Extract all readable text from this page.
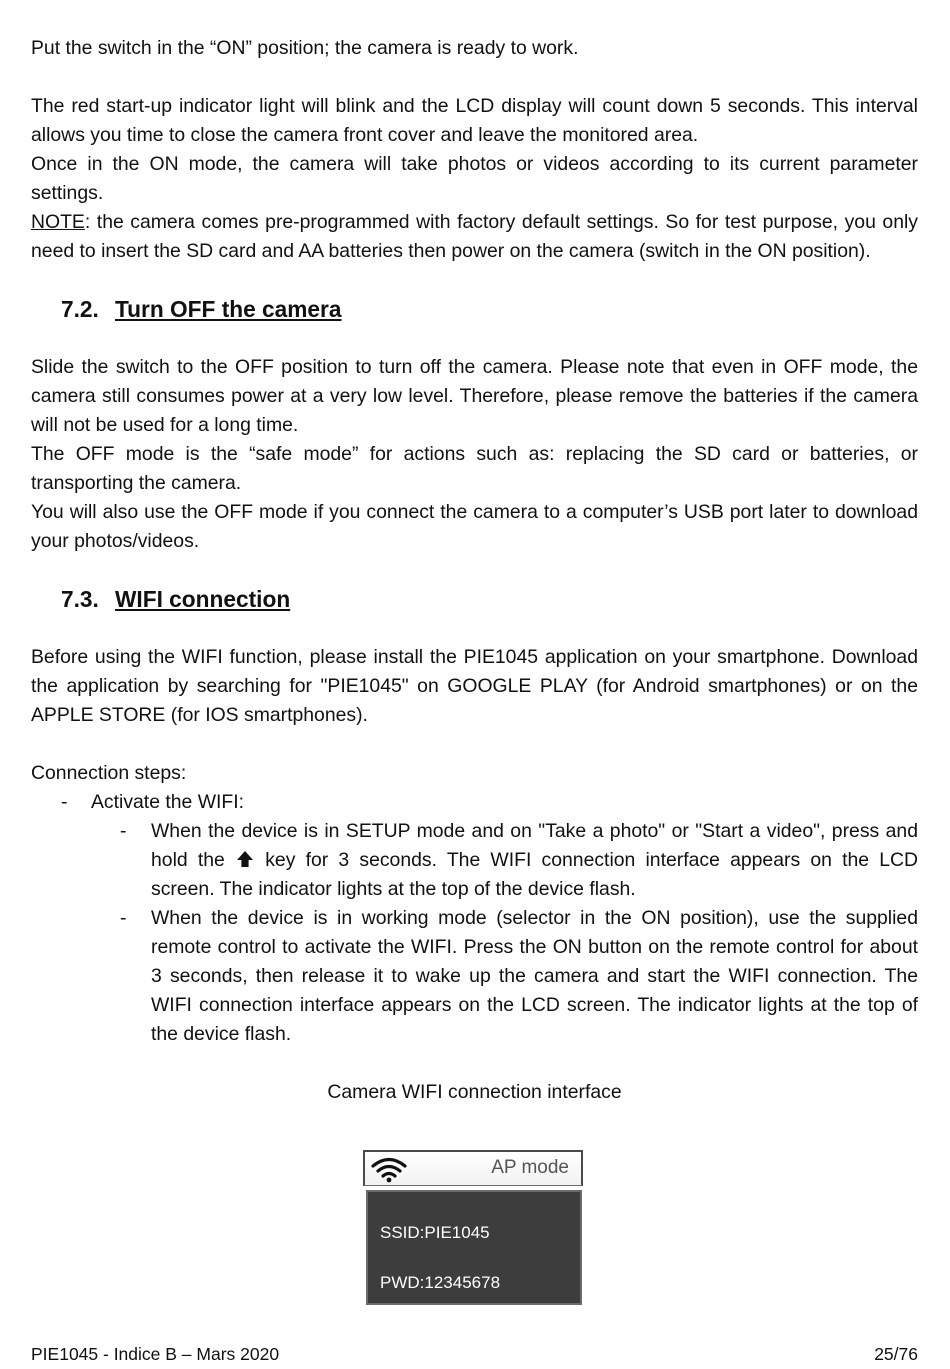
Put the switch in the “ON” position; the camera is ready to work.

The red start-up indicator light will blink and the LCD display will count down 5 seconds. This interval allows you time to close the camera front cover and leave the monitored area.

Once in the ON mode, the camera will take photos or videos according to its current parameter settings.

NOTE: the camera comes pre-programmed with factory default settings. So for test purpose, you only need to insert the SD card and AA batteries then power on the camera (switch in the ON position).

7.2. Turn OFF the camera

Slide the switch to the OFF position to turn off the camera. Please note that even in OFF mode, the camera still consumes power at a very low level. Therefore, please remove the batteries if the camera will not be used for a long time.

The OFF mode is the “safe mode” for actions such as: replacing the SD card or batteries, or transporting the camera.

You will also use the OFF mode if you connect the camera to a computer’s USB port later to download your photos/videos.

7.3. WIFI connection

Before using the WIFI function, please install the PIE1045 application on your smartphone. Download the application by searching for "PIE1045" on GOOGLE PLAY (for Android smartphones) or on the APPLE STORE (for IOS smartphones).

Connection steps:

- Activate the WIFI:
- When the device is in SETUP mode and on "Take a photo" or "Start a video", press and hold the key for 3 seconds. The WIFI connection interface appears on the LCD screen. The indicator lights at the top of the device flash.
- When the device is in working mode (selector in the ON position), use the supplied remote control to activate the WIFI. Press the ON button on the remote control for about 3 seconds, then release it to wake up the camera and start the WIFI connection. The WIFI connection interface appears on the LCD screen. The indicator lights at the top of the device flash.

Camera WIFI connection interface

AP mode
SSID:PIE1045
PWD:12345678
PIE1045 - Indice B – Mars 2020	25/76
